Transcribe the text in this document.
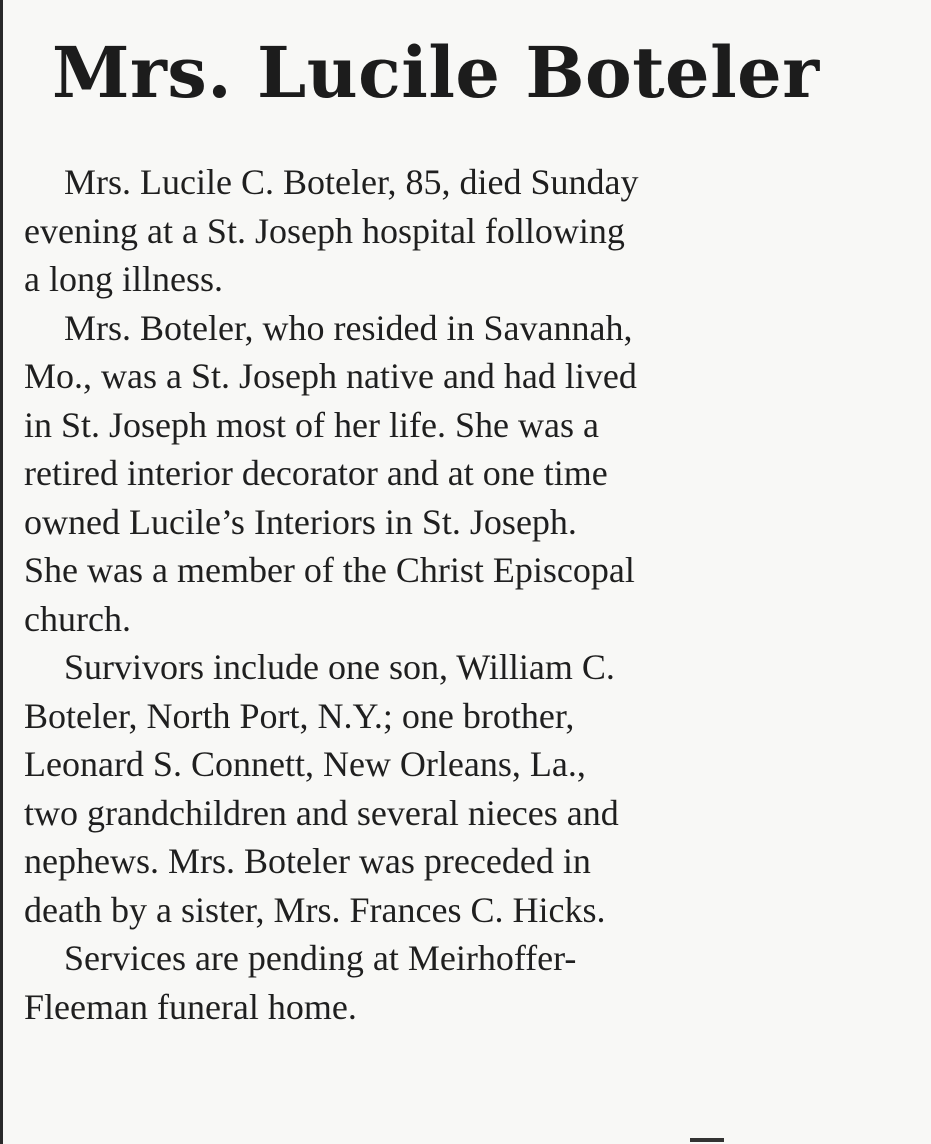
Mrs. Lucile Boteler
Mrs. Lucile C. Boteler, 85, died Sunday
evening at a St. Joseph hospital following
a long illness.
Mrs. Boteler, who resided in Savannah,
Mo., was a St. Joseph native and had lived
in St. Joseph most of her life. She was a
retired interior decorator and at one time
owned Lucile’s Interiors in St. Joseph.
She was a member of the Christ Episcopal
church.
Survivors include one son, William C.
Boteler, North Port, N.Y.; one brother,
Leonard S. Connett, New Orleans, La.,
two grandchildren and several nieces and
nephews. Mrs. Boteler was preceded in
death by a sister, Mrs. Frances C. Hicks.
Services are pending at Meirhoffer-
Fleeman funeral home.
